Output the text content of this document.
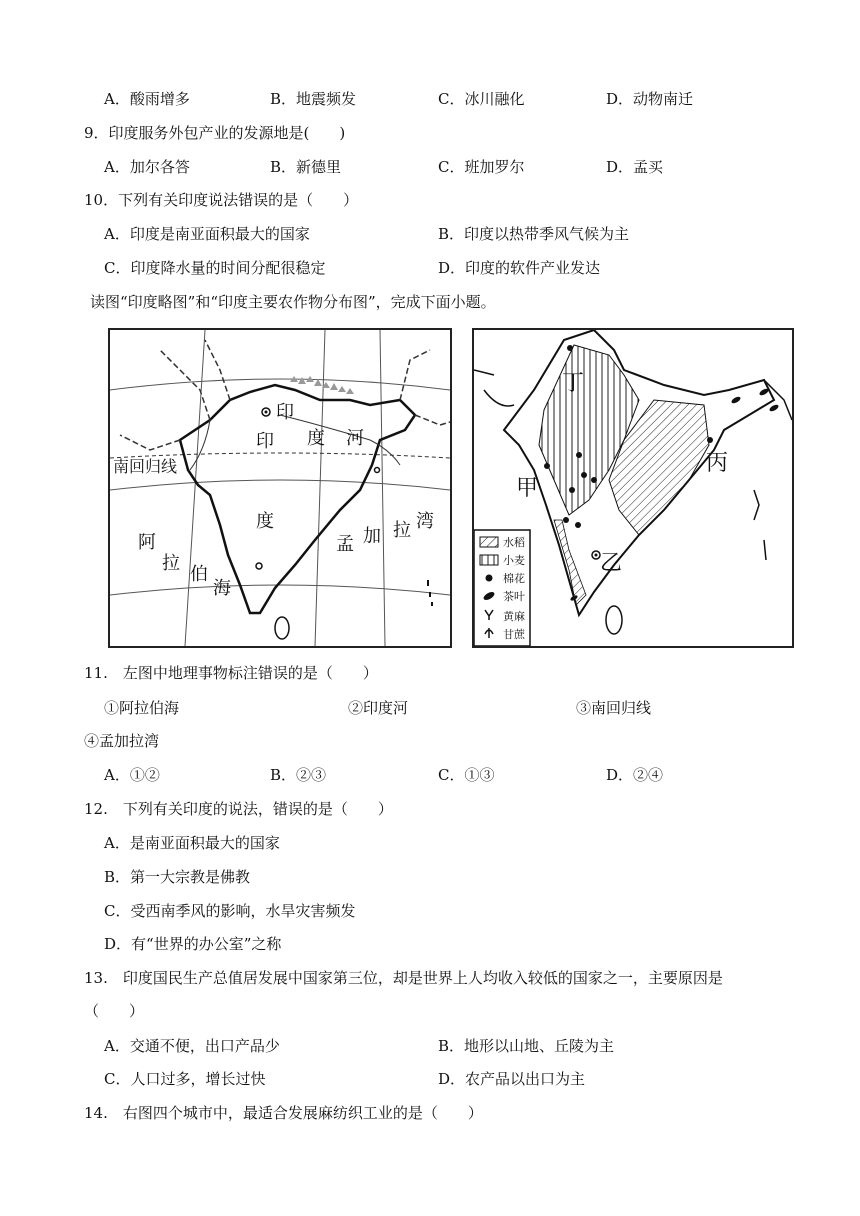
A．酸雨增多	B．地震频发	C．冰川融化	D．动物南迁
9．印度服务外包产业的发源地是(　　)
A．加尔各答	B．新德里	C．班加罗尔	D．孟买
10．下列有关印度说法错误的是（　　）
A．印度是南亚面积最大的国家	B．印度以热带季风气候为主
C．印度降水量的时间分配很稳定	D．印度的软件产业发达
读图“印度略图”和“印度主要农作物分布图”，完成下面小题。
印
印 度 河
南回归线
度
阿
拉
伯
海
孟 加 拉 湾
丁
甲
乙
丙
水稻
小麦
棉花
茶叶
黄麻
甘蔗
11.　左图中地理事物标注错误的是（　　）
①阿拉伯海	②印度河	③南回归线
④孟加拉湾
A．①②	B．②③	C．①③	D．②④
12.　下列有关印度的说法，错误的是（　　）
A．是南亚面积最大的国家
B．第一大宗教是佛教
C．受西南季风的影响，水旱灾害频发
D．有“世界的办公室”之称
13.　印度国民生产总值居发展中国家第三位，却是世界上人均收入较低的国家之一，主要原因是
（　　）
A．交通不便，出口产品少	B．地形以山地、丘陵为主
C．人口过多，增长过快	D．农产品以出口为主
14.　右图四个城市中，最适合发展麻纺织工业的是（　　）
